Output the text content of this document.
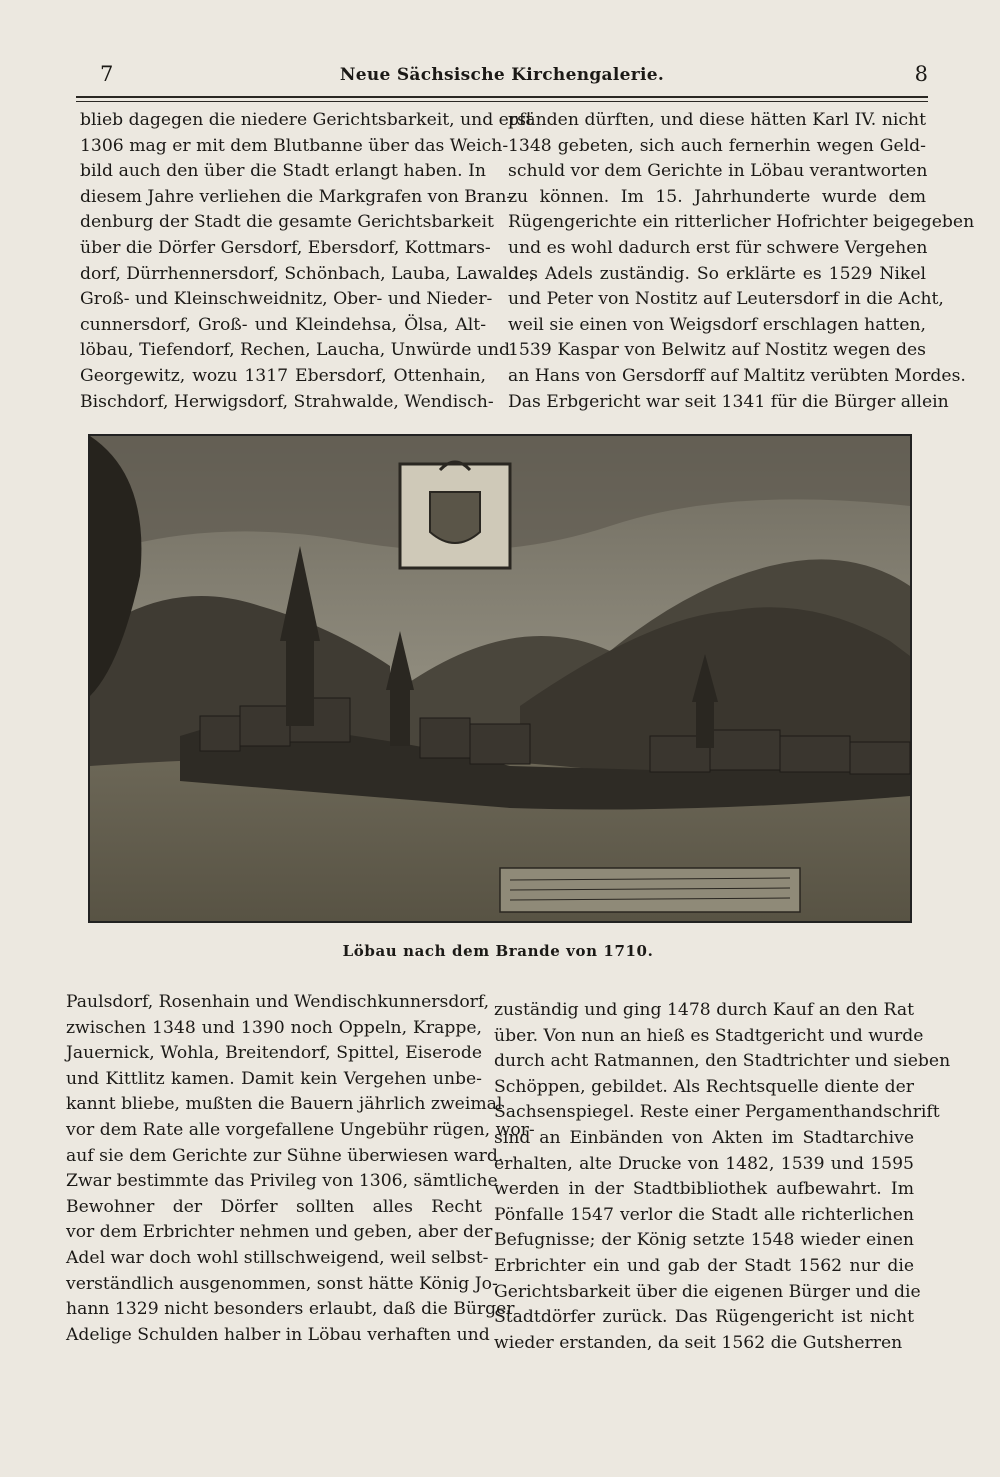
7	Neue Sächsische Kirchengalerie.	8

blieb dagegen die niedere Gerichtsbarkeit, und erst
1306 mag er mit dem Blutbanne über das Weich-
bild auch den über die Stadt erlangt haben. In
diesem Jahre verliehen die Markgrafen von Bran-
denburg der Stadt die gesamte Gerichtsbarkeit
über die Dörfer Gersdorf, Ebersdorf, Kottmars-
dorf, Dürrhennersdorf, Schönbach, Lauba, Lawalde,
Groß- und Kleinschweidnitz, Ober- und Nieder-
cunnersdorf, Groß- und Kleindehsa, Ölsa, Alt-
löbau, Tiefendorf, Rechen, Laucha, Unwürde und
Georgewitz, wozu 1317 Ebersdorf, Ottenhain,
Bischdorf, Herwigsdorf, Strahwalde, Wendisch-

pfänden dürften, und diese hätten Karl IV. nicht
1348 gebeten, sich auch fernerhin wegen Geld-
schuld vor dem Gerichte in Löbau verantworten
zu können. Im 15. Jahrhunderte wurde dem
Rügengerichte ein ritterlicher Hofrichter beigegeben
und es wohl dadurch erst für schwere Vergehen
des Adels zuständig. So erklärte es 1529 Nikel
und Peter von Nostitz auf Leutersdorf in die Acht,
weil sie einen von Weigsdorf erschlagen hatten,
1539 Kaspar von Belwitz auf Nostitz wegen des
an Hans von Gersdorff auf Maltitz verübten Mordes.
Das Erbgericht war seit 1341 für die Bürger allein

Löbau nach dem Brande von 1710.

Paulsdorf, Rosenhain und Wendischkunnersdorf,
zwischen 1348 und 1390 noch Oppeln, Krappe,
Jauernick, Wohla, Breitendorf, Spittel, Eiserode
und Kittlitz kamen. Damit kein Vergehen unbe-
kannt bliebe, mußten die Bauern jährlich zweimal
vor dem Rate alle vorgefallene Ungebühr rügen, wor-
auf sie dem Gerichte zur Sühne überwiesen ward.
Zwar bestimmte das Privileg von 1306, sämtliche
Bewohner der Dörfer sollten alles Recht
vor dem Erbrichter nehmen und geben, aber der
Adel war doch wohl stillschweigend, weil selbst-
verständlich ausgenommen, sonst hätte König Jo-
hann 1329 nicht besonders erlaubt, daß die Bürger
Adelige Schulden halber in Löbau verhaften und

zuständig und ging 1478 durch Kauf an den Rat
über. Von nun an hieß es Stadtgericht und wurde
durch acht Ratmannen, den Stadtrichter und sieben
Schöppen, gebildet. Als Rechtsquelle diente der
Sachsenspiegel. Reste einer Pergamenthandschrift
sind an Einbänden von Akten im Stadtarchive
erhalten, alte Drucke von 1482, 1539 und 1595
werden in der Stadtbibliothek aufbewahrt. Im
Pönfalle 1547 verlor die Stadt alle richterlichen
Befugnisse; der König setzte 1548 wieder einen
Erbrichter ein und gab der Stadt 1562 nur die
Gerichtsbarkeit über die eigenen Bürger und die
Stadtdörfer zurück. Das Rügengericht ist nicht
wieder erstanden, da seit 1562 die Gutsherren
